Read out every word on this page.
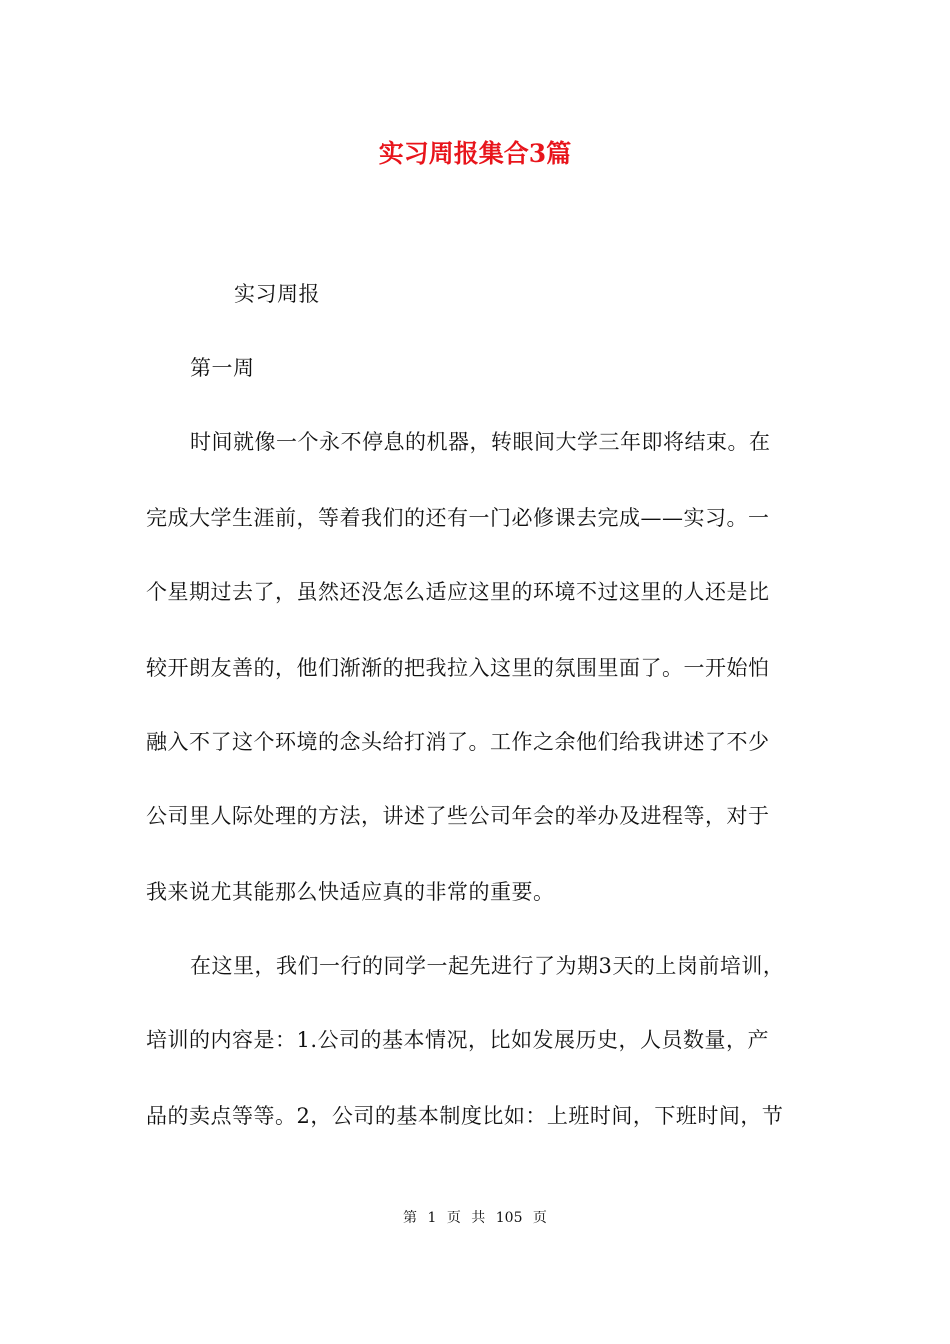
实习周报集合3篇
实习周报
第一周
时间就像一个永不停息的机器，转眼间大学三年即将结束。在
完成大学生涯前，等着我们的还有一门必修课去完成——实习。一
个星期过去了，虽然还没怎么适应这里的环境不过这里的人还是比
较开朗友善的，他们渐渐的把我拉入这里的氛围里面了。一开始怕
融入不了这个环境的念头给打消了。工作之余他们给我讲述了不少
公司里人际处理的方法，讲述了些公司年会的举办及进程等，对于
我来说尤其能那么快适应真的非常的重要。
在这里，我们一行的同学一起先进行了为期3天的上岗前培训，
培训的内容是：1.公司的基本情况，比如发展历史，人员数量，产
品的卖点等等。2，公司的基本制度比如：上班时间，下班时间，节
第 1 页 共 105 页
